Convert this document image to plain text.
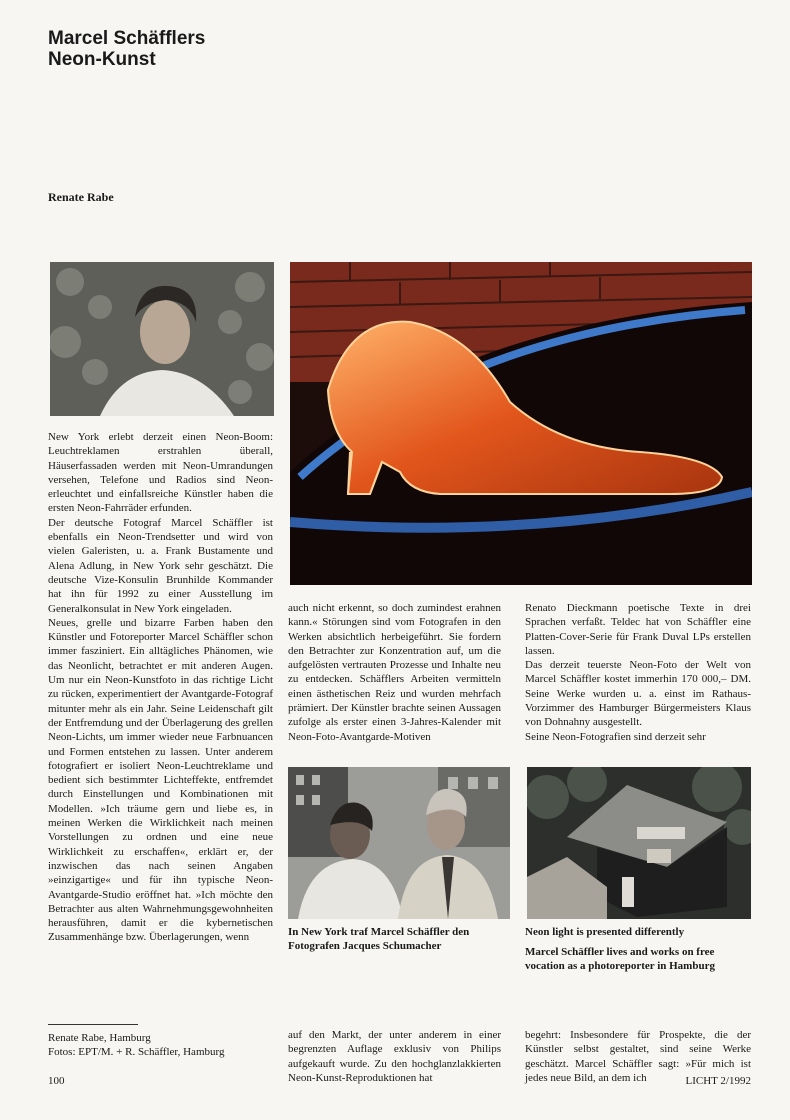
Marcel Schäfflers
Neon-Kunst
Renate Rabe

New York erlebt derzeit einen Neon-Boom: Leuchtreklamen erstrahlen überall, Häuserfassaden werden mit Neon-Umrandungen versehen, Telefone und Radios sind Neon-erleuchtet und einfallsreiche Künstler haben die ersten Neon-Fahrräder erfunden.

Der deutsche Fotograf Marcel Schäffler ist ebenfalls ein Neon-Trendsetter und wird von vielen Galeristen, u. a. Frank Bustamente und Alena Adlung, in New York sehr geschätzt. Die deutsche Vize-Konsulin Brunhilde Kommander hat ihn für 1992 zu einer Ausstellung im Generalkonsulat in New York eingeladen.

Neues, grelle und bizarre Farben haben den Künstler und Fotoreporter Marcel Schäffler schon immer fasziniert. Ein alltägliches Phänomen, wie das Neonlicht, betrachtet er mit anderen Augen. Um nur ein Neon-Kunstfoto in das richtige Licht zu rücken, experimentiert der Avantgarde-Fotograf mitunter mehr als ein Jahr. Seine Leidenschaft gilt der Entfremdung und der Überlagerung des grellen Neon-Lichts, um immer wieder neue Farbnuancen und Formen entstehen zu lassen. Unter anderem fotografiert er isoliert Neon-Leuchtreklame und bedient sich bestimmter Lichteffekte, entfremdet durch Einstellungen und Kombinationen mit Modellen. »Ich träume gern und liebe es, in meinen Werken die Wirklichkeit nach meinen Vorstellungen zu ordnen und eine neue Wirklichkeit zu erschaffen«, erklärt er, der inzwischen das nach seinen Angaben »einzigartige« und für ihn typische Neon-Avantgarde-Studio eröffnet hat. »Ich möchte den Betrachter aus alten Wahrnehmungsgewohnheiten herausführen, damit er die kybernetischen Zusammenhänge bzw. Überlagerungen, wenn

Renate Rabe, Hamburg
Fotos: EPT/M. + R. Schäffler, Hamburg

auch nicht erkennt, so doch zumindest erahnen kann.« Störungen sind vom Fotografen in den Werken absichtlich herbeigeführt. Sie fordern den Betrachter zur Konzentration auf, um die aufgelösten vertrauten Prozesse und Inhalte neu zu entdecken. Schäfflers Arbeiten vermitteln einen ästhetischen Reiz und wurden mehrfach prämiert. Der Künstler brachte seinen Aussagen zufolge als erster einen 3-Jahres-Kalender mit Neon-Foto-Avantgarde-Motiven

Renato Dieckmann poetische Texte in drei Sprachen verfaßt. Teldec hat von Schäffler eine Platten-Cover-Serie für Frank Duval LPs erstellen lassen.

Das derzeit teuerste Neon-Foto der Welt von Marcel Schäffler kostet immerhin 170 000,– DM. Seine Werke wurden u. a. einst im Rathaus-Vorzimmer des Hamburger Bürgermeisters Klaus von Dohnahny ausgestellt.

Seine Neon-Fotografien sind derzeit sehr

In New York traf Marcel Schäffler den Fotografen Jacques Schumacher
Neon light is presented differently
Marcel Schäffler lives and works on free vocation as a photoreporter in Hamburg

auf den Markt, der unter anderem in einer begrenzten Auflage exklusiv von Philips aufgekauft wurde. Zu den hochglanzlakkierten Neon-Kunst-Reproduktionen hat

begehrt: Insbesondere für Prospekte, die der Künstler selbst gestaltet, sind seine Werke geschätzt. Marcel Schäffler sagt: »Für mich ist jedes neue Bild, an dem ich

100	LICHT 2/1992
